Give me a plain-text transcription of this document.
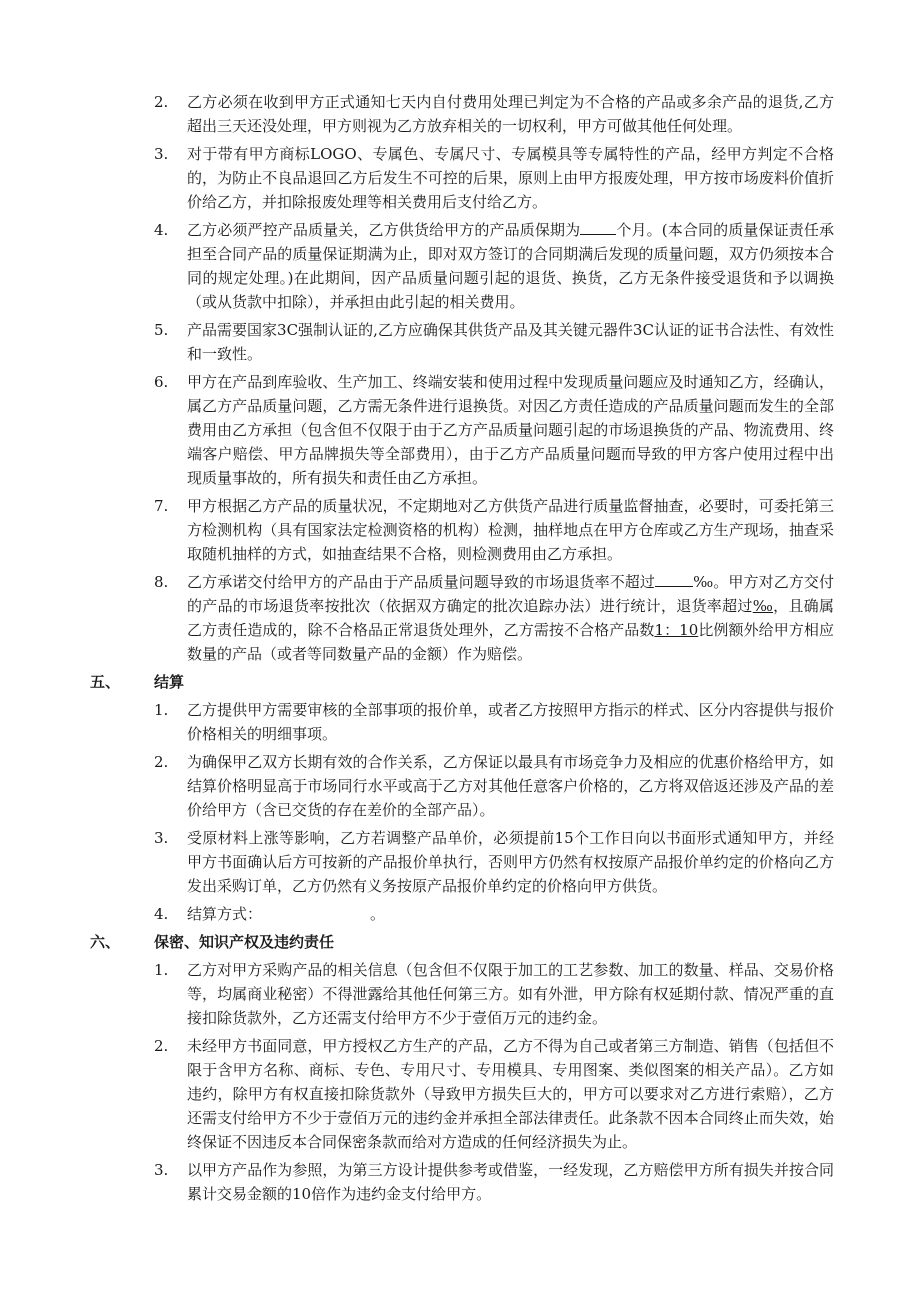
2.	乙方必须在收到甲方正式通知七天内自付费用处理已判定为不合格的产品或多余产品的退货,乙方超出三天还没处理，甲方则视为乙方放弃相关的一切权利，甲方可做其他任何处理。
3.	对于带有甲方商标LOGO、专属色、专属尺寸、专属模具等专属特性的产品，经甲方判定不合格的，为防止不良品退回乙方后发生不可控的后果，原则上由甲方报废处理，甲方按市场废料价值折价给乙方，并扣除报废处理等相关费用后支付给乙方。
4.	乙方必须严控产品质量关，乙方供货给甲方的产品质保期为 个月。(本合同的质量保证责任承担至合同产品的质量保证期满为止，即对双方签订的合同期满后发现的质量问题，双方仍须按本合同的规定处理。)在此期间，因产品质量问题引起的退货、换货，乙方无条件接受退货和予以调换（或从货款中扣除），并承担由此引起的相关费用。
5.	产品需要国家3C强制认证的,乙方应确保其供货产品及其关键元器件3C认证的证书合法性、有效性和一致性。
6.	甲方在产品到库验收、生产加工、终端安装和使用过程中发现质量问题应及时通知乙方，经确认，属乙方产品质量问题，乙方需无条件进行退换货。对因乙方责任造成的产品质量问题而发生的全部费用由乙方承担（包含但不仅限于由于乙方产品质量问题引起的市场退换货的产品、物流费用、终端客户赔偿、甲方品牌损失等全部费用），由于乙方产品质量问题而导致的甲方客户使用过程中出现质量事故的，所有损失和责任由乙方承担。
7.	甲方根据乙方产品的质量状况，不定期地对乙方供货产品进行质量监督抽查，必要时，可委托第三方检测机构（具有国家法定检测资格的机构）检测，抽样地点在甲方仓库或乙方生产现场，抽查采取随机抽样的方式，如抽查结果不合格，则检测费用由乙方承担。
8.	乙方承诺交付给甲方的产品由于产品质量问题导致的市场退货率不超过	‰。甲方对乙方交付的产品的市场退货率按批次（依据双方确定的批次追踪办法）进行统计，退货率超过‰，且确属乙方责任造成的，除不合格品正常退货处理外，乙方需按不合格产品数1：10比例额外给甲方相应数量的产品（或者等同数量产品的金额）作为赔偿。
五、 结算
1.	乙方提供甲方需要审核的全部事项的报价单，或者乙方按照甲方指示的样式、区分内容提供与报价价格相关的明细事项。
2.	为确保甲乙双方长期有效的合作关系，乙方保证以最具有市场竞争力及相应的优惠价格给甲方，如结算价格明显高于市场同行水平或高于乙方对其他任意客户价格的，乙方将双倍返还涉及产品的差价给甲方（含已交货的存在差价的全部产品）。
3.	受原材料上涨等影响，乙方若调整产品单价，必须提前15个工作日向以书面形式通知甲方，并经甲方书面确认后方可按新的产品报价单执行，否则甲方仍然有权按原产品报价单约定的价格向乙方发出采购订单，乙方仍然有义务按原产品报价单约定的价格向甲方供货。
4.	结算方式：	。
六、 保密、知识产权及违约责任
1.	乙方对甲方采购产品的相关信息（包含但不仅限于加工的工艺参数、加工的数量、样品、交易价格等，均属商业秘密）不得泄露给其他任何第三方。如有外泄，甲方除有权延期付款、情况严重的直接扣除货款外，乙方还需支付给甲方不少于壹佰万元的违约金。
2.	未经甲方书面同意，甲方授权乙方生产的产品，乙方不得为自己或者第三方制造、销售（包括但不限于含甲方名称、商标、专色、专用尺寸、专用模具、专用图案、类似图案的相关产品）。乙方如违约，除甲方有权直接扣除货款外（导致甲方损失巨大的，甲方可以要求对乙方进行索赔），乙方还需支付给甲方不少于壹佰万元的违约金并承担全部法律责任。此条款不因本合同终止而失效，始终保证不因违反本合同保密条款而给对方造成的任何经济损失为止。
3.	以甲方产品作为参照，为第三方设计提供参考或借鉴，一经发现，乙方赔偿甲方所有损失并按合同累计交易金额的10倍作为违约金支付给甲方。
